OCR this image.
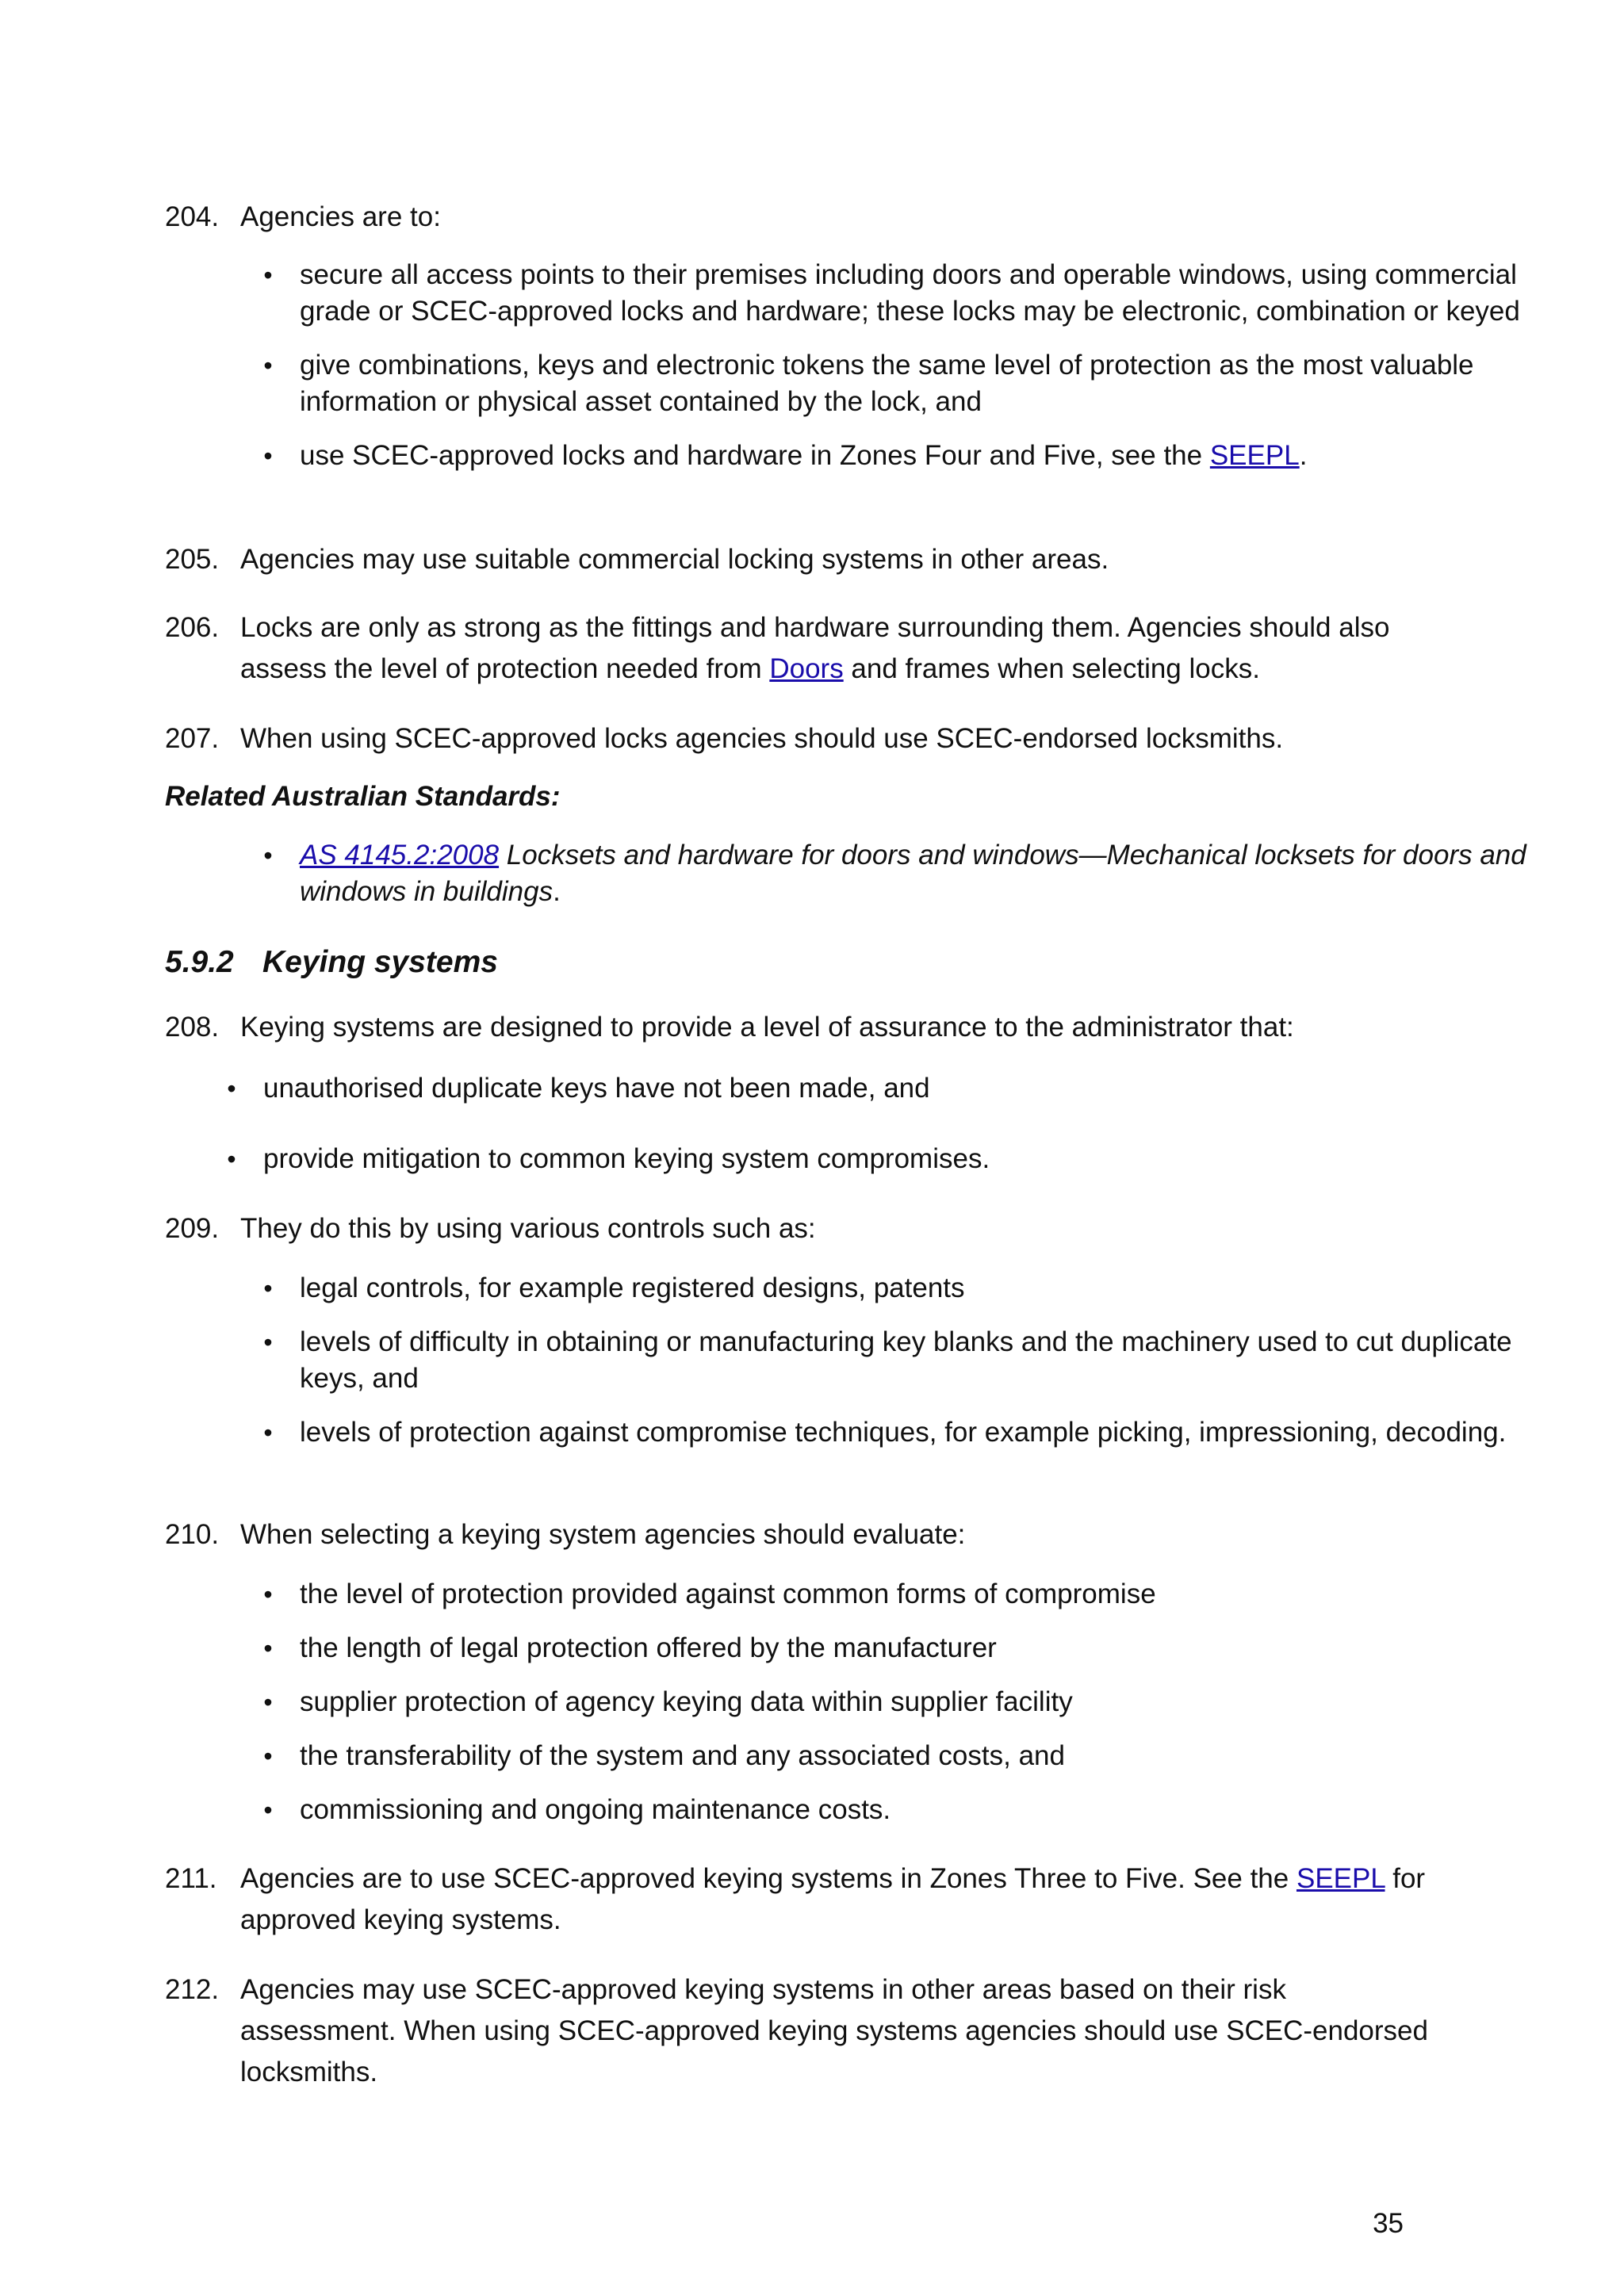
204. Agencies are to:
• secure all access points to their premises including doors and operable windows, using commercial grade or SCEC-approved locks and hardware; these locks may be electronic, combination or keyed
• give combinations, keys and electronic tokens the same level of protection as the most valuable information or physical asset contained by the lock, and
• use SCEC-approved locks and hardware in Zones Four and Five, see the SEEPL.
205. Agencies may use suitable commercial locking systems in other areas.
206. Locks are only as strong as the fittings and hardware surrounding them. Agencies should also assess the level of protection needed from Doors and frames when selecting locks.
207. When using SCEC-approved locks agencies should use SCEC-endorsed locksmiths.
Related Australian Standards:
• AS 4145.2:2008 Locksets and hardware for doors and windows—Mechanical locksets for doors and windows in buildings.
5.9.2 Keying systems
208. Keying systems are designed to provide a level of assurance to the administrator that:
• unauthorised duplicate keys have not been made, and
• provide mitigation to common keying system compromises.
209. They do this by using various controls such as:
• legal controls, for example registered designs, patents
• levels of difficulty in obtaining or manufacturing key blanks and the machinery used to cut duplicate keys, and
• levels of protection against compromise techniques, for example picking, impressioning, decoding.
210. When selecting a keying system agencies should evaluate:
• the level of protection provided against common forms of compromise
• the length of legal protection offered by the manufacturer
• supplier protection of agency keying data within supplier facility
• the transferability of the system and any associated costs, and
• commissioning and ongoing maintenance costs.
211. Agencies are to use SCEC-approved keying systems in Zones Three to Five. See the SEEPL for approved keying systems.
212. Agencies may use SCEC-approved keying systems in other areas based on their risk assessment. When using SCEC-approved keying systems agencies should use SCEC-endorsed locksmiths.
35
